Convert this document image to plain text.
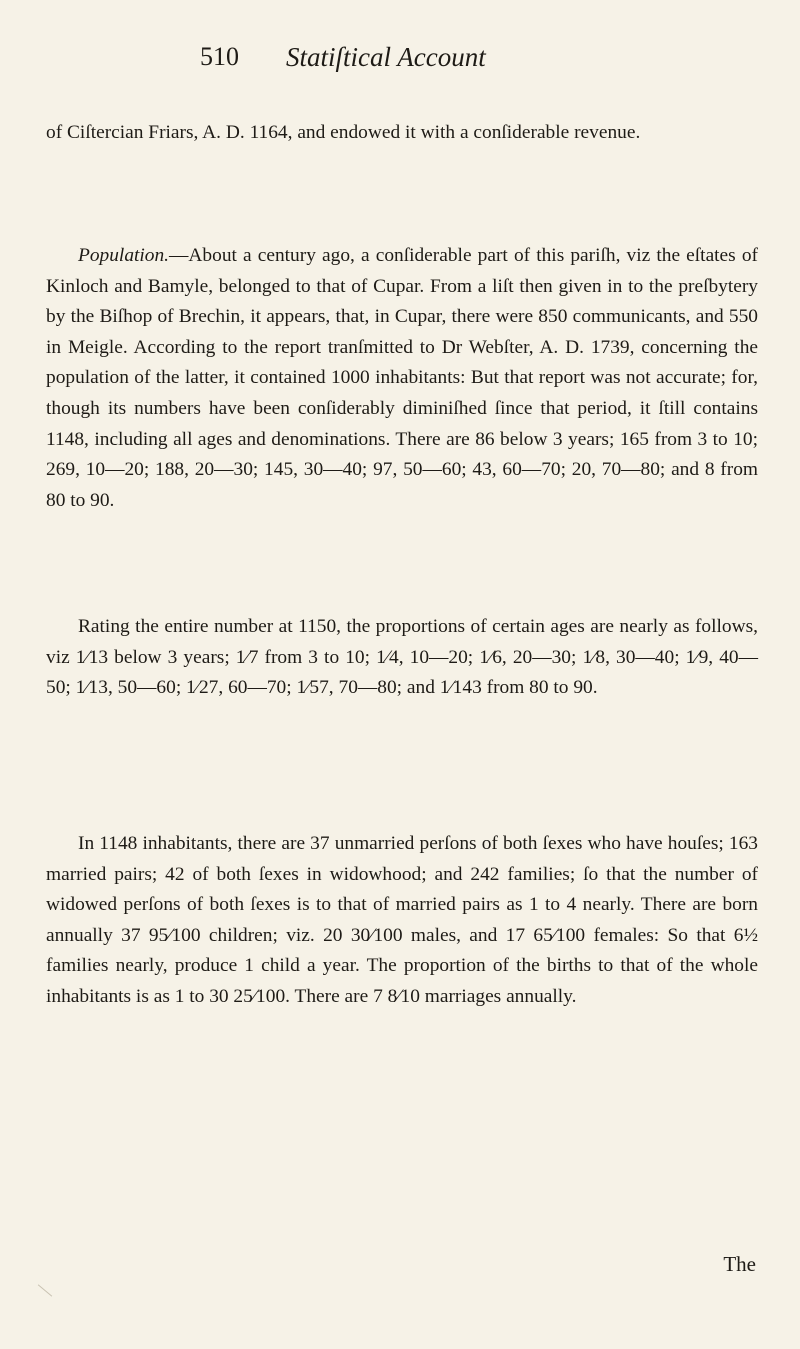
510 Statiſtical Account
of Ciſtercian Friars, A. D. 1164, and endowed it with a conſiderable revenue.
Population.—About a century ago, a conſiderable part of this pariſh, viz the eſtates of Kinloch and Bamyle, belonged to that of Cupar. From a liſt then given in to the preſbytery by the Biſhop of Brechin, it appears, that, in Cupar, there were 850 communicants, and 550 in Meigle. According to the report tranſmitted to Dr Webſter, A. D. 1739, concerning the population of the latter, it contained 1000 inhabitants: But that report was not accurate; for, though its numbers have been conſiderably diminiſhed ſince that period, it ſtill contains 1148, including all ages and denominations. There are 86 below 3 years; 165 from 3 to 10; 269, 10—20; 188, 20—30; 145, 30—40; 97, 50—60; 43, 60—70; 20, 70—80; and 8 from 80 to 90.
Rating the entire number at 1150, the proportions of certain ages are nearly as follows, viz 1⁄13 below 3 years; 1⁄7 from 3 to 10; 1⁄4, 10—20; 1⁄6, 20—30; 1⁄8, 30—40; 1⁄9, 40—50; 1⁄13, 50—60; 1⁄27, 60—70; 1⁄57, 70—80; and 1⁄143 from 80 to 90.
In 1148 inhabitants, there are 37 unmarried perſons of both ſexes who have houſes; 163 married pairs; 42 of both ſexes in widowhood; and 242 families; ſo that the number of widowed perſons of both ſexes is to that of married pairs as 1 to 4 nearly. There are born annually 37 95⁄100 children; viz. 20 30⁄100 males, and 17 65⁄100 females: So that 6½ families nearly, produce 1 child a year. The proportion of the births to that of the whole inhabitants is as 1 to 30 25⁄100. There are 7 8⁄10 marriages annually.
The
